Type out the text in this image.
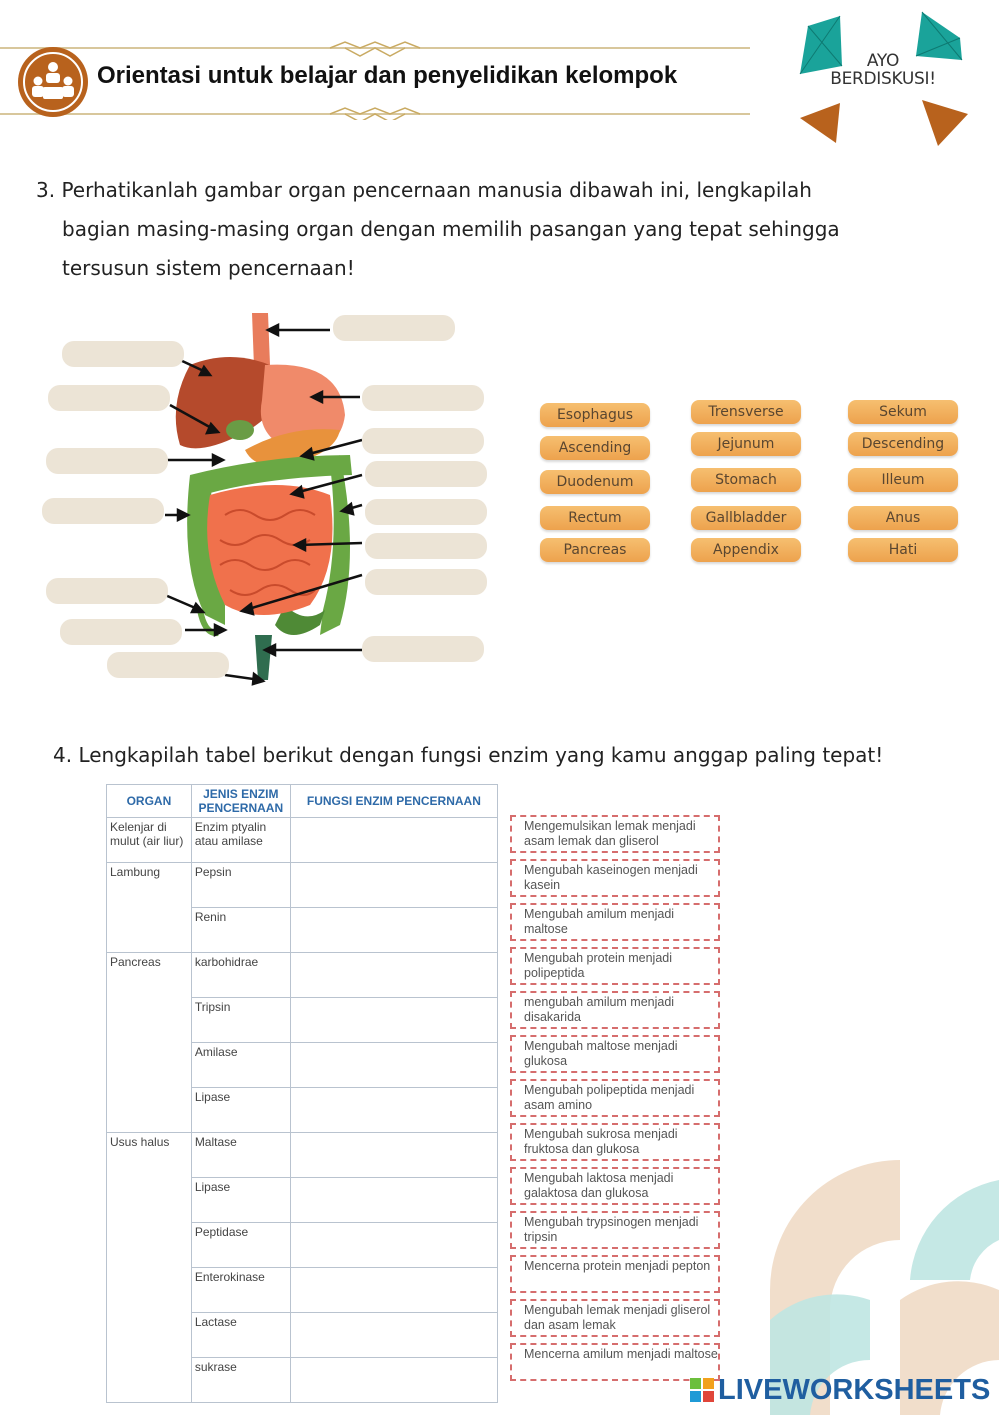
Orientasi untuk belajar dan penyelidikan kelompok
AYO
BERDISKUSI!
3. Perhatikanlah gambar organ pencernaan manusia dibawah ini, lengkapilah
bagian masing-masing organ dengan memilih pasangan yang tepat sehingga
tersusun sistem pencernaan!
Esophagus	Trensverse	Sekum
Ascending	Jejunum	Descending
Duodenum	Stomach	Illeum
Rectum	Gallbladder	Anus
Pancreas	Appendix	Hati
4. Lengkapilah tabel berikut dengan fungsi enzim yang kamu anggap paling tepat!
ORGAN	JENIS ENZIM PENCERNAAN	FUNGSI ENZIM PENCERNAAN
Kelenjar di mulut (air liur)	Enzim ptyalin atau amilase	
Lambung	Pepsin	
	Renin	
Pancreas	karbohidrae	
	Tripsin	
	Amilase	
	Lipase	
Usus halus	Maltase	
	Lipase	
	Peptidase	
	Enterokinase	
	Lactase	
	sukrase	
Mengemulsikan lemak menjadi asam lemak dan gliserol
Mengubah kaseinogen menjadi kasein
Mengubah amilum menjadi maltose
Mengubah protein menjadi polipeptida
mengubah amilum menjadi disakarida
Mengubah maltose menjadi glukosa
Mengubah polipeptida menjadi asam amino
Mengubah sukrosa menjadi fruktosa dan glukosa
Mengubah laktosa menjadi galaktosa dan glukosa
Mengubah trypsinogen menjadi tripsin
Mencerna protein menjadi pepton
Mengubah lemak menjadi gliserol dan asam lemak
Mencerna amilum menjadi maltose
LIVEWORKSHEETS
